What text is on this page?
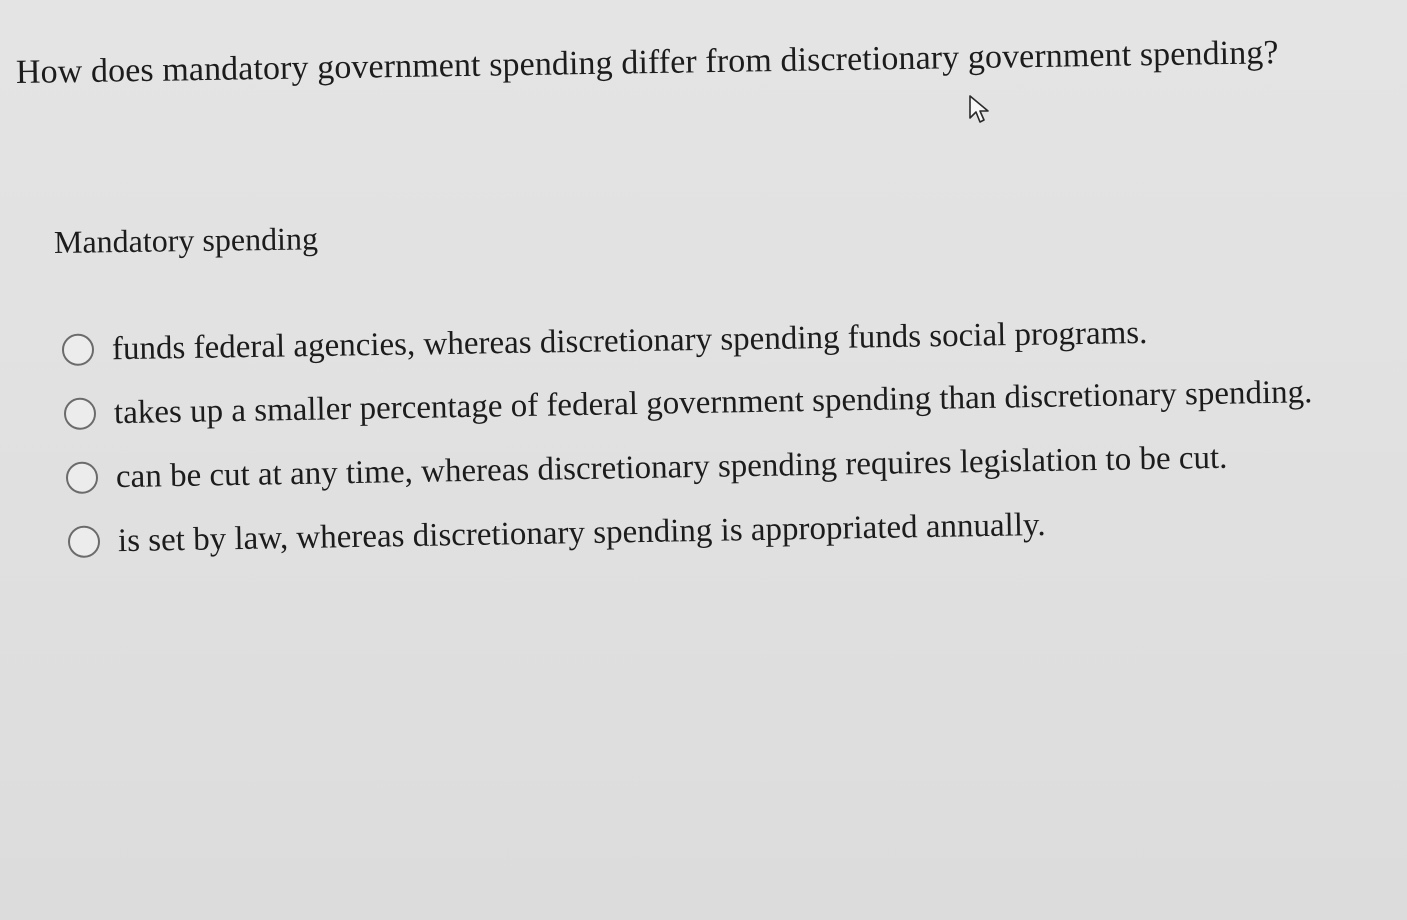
How does mandatory government spending differ from discretionary government spending?
Mandatory spending
funds federal agencies, whereas discretionary spending funds social programs.
takes up a smaller percentage of federal government spending than discretionary spending.
can be cut at any time, whereas discretionary spending requires legislation to be cut.
is set by law, whereas discretionary spending is appropriated annually.
